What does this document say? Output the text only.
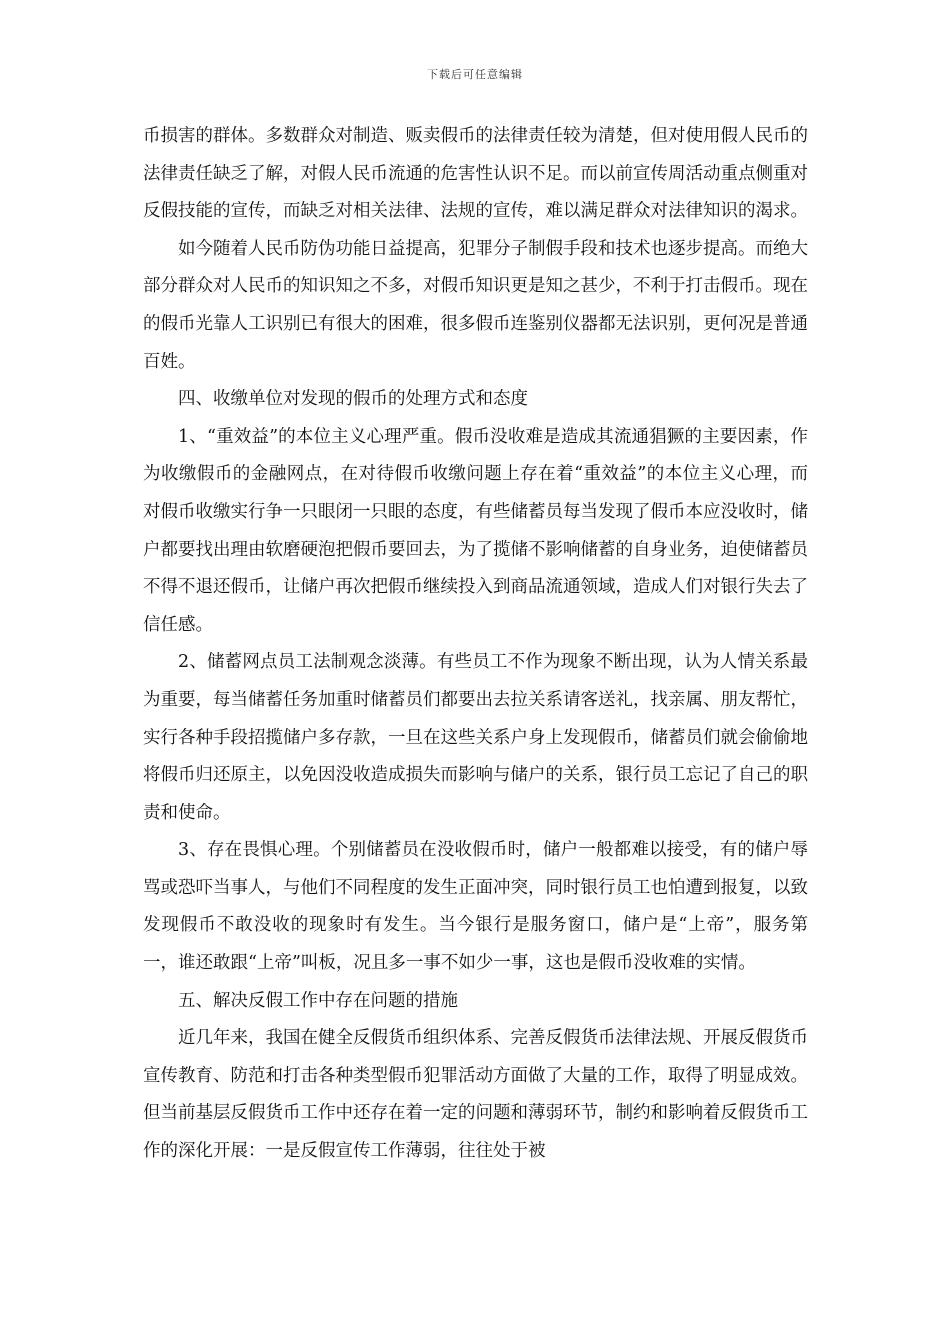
下载后可任意编辑

币损害的群体。多数群众对制造、贩卖假币的法律责任较为清楚，但对使用假人民币的法律责任缺乏了解，对假人民币流通的危害性认识不足。而以前宣传周活动重点侧重对反假技能的宣传，而缺乏对相关法律、法规的宣传，难以满足群众对法律知识的渴求。

如今随着人民币防伪功能日益提高，犯罪分子制假手段和技术也逐步提高。而绝大部分群众对人民币的知识知之不多，对假币知识更是知之甚少，不利于打击假币。现在的假币光靠人工识别已有很大的困难，很多假币连鉴别仪器都无法识别，更何况是普通百姓。

四、收缴单位对发现的假币的处理方式和态度

1、“重效益”的本位主义心理严重。假币没收难是造成其流通猖獗的主要因素，作为收缴假币的金融网点，在对待假币收缴问题上存在着“重效益”的本位主义心理，而对假币收缴实行争一只眼闭一只眼的态度，有些储蓄员每当发现了假币本应没收时，储户都要找出理由软磨硬泡把假币要回去，为了揽储不影响储蓄的自身业务，迫使储蓄员不得不退还假币，让储户再次把假币继续投入到商品流通领域，造成人们对银行失去了信任感。

2、储蓄网点员工法制观念淡薄。有些员工不作为现象不断出现，认为人情关系最为重要，每当储蓄任务加重时储蓄员们都要出去拉关系请客送礼，找亲属、朋友帮忙，实行各种手段招揽储户多存款，一旦在这些关系户身上发现假币，储蓄员们就会偷偷地将假币归还原主，以免因没收造成损失而影响与储户的关系，银行员工忘记了自己的职责和使命。

3、存在畏惧心理。个别储蓄员在没收假币时，储户一般都难以接受，有的储户辱骂或恐吓当事人，与他们不同程度的发生正面冲突，同时银行员工也怕遭到报复，以致发现假币不敢没收的现象时有发生。当今银行是服务窗口，储户是“上帝”，服务第一，谁还敢跟“上帝”叫板，况且多一事不如少一事，这也是假币没收难的实情。

五、解决反假工作中存在问题的措施

近几年来，我国在健全反假货币组织体系、完善反假货币法律法规、开展反假货币宣传教育、防范和打击各种类型假币犯罪活动方面做了大量的工作，取得了明显成效。但当前基层反假货币工作中还存在着一定的问题和薄弱环节，制约和影响着反假货币工作的深化开展：一是反假宣传工作薄弱，往往处于被
